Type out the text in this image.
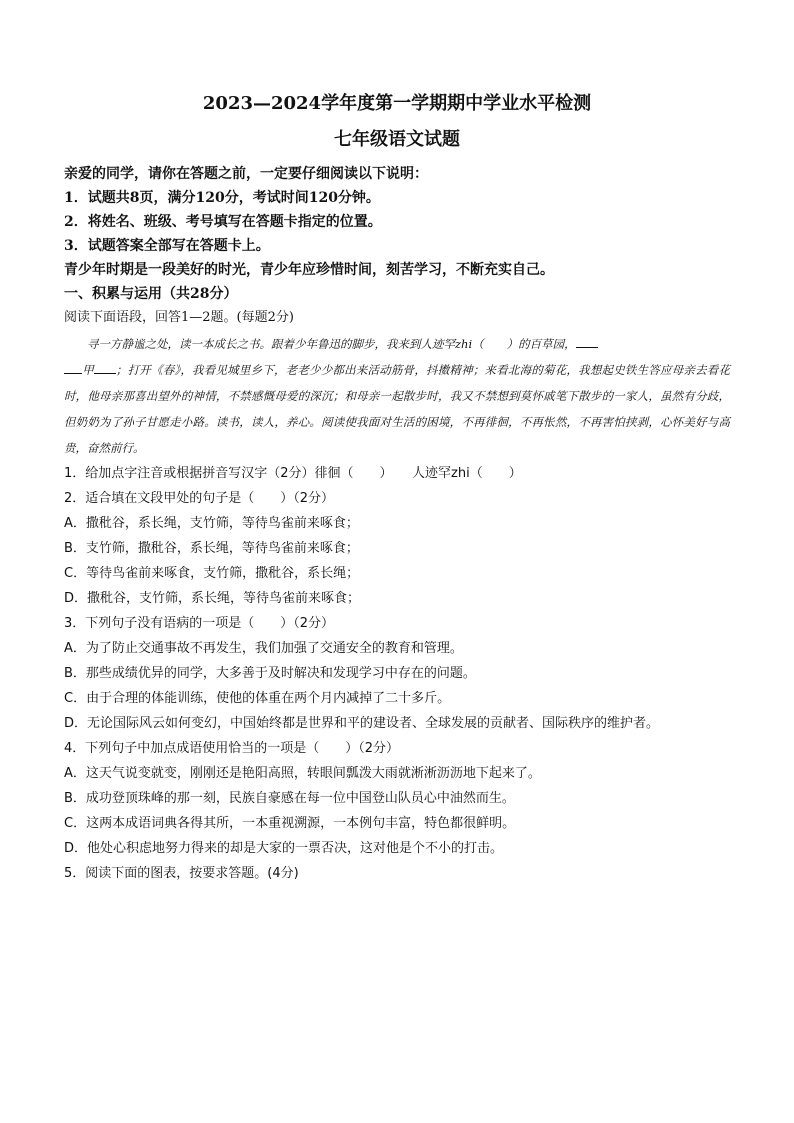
2023—2024学年度第一学期期中学业水平检测

七年级语文试题

亲爱的同学，请你在答题之前，一定要仔细阅读以下说明：

1．试题共8页，满分120分，考试时间120分钟。

2．将姓名、班级、考号填写在答题卡指定的位置。

3．试题答案全部写在答题卡上。

青少年时期是一段美好的时光，青少年应珍惜时间，刻苦学习，不断充实自己。

一、积累与运用（共28分）

阅读下面语段，回答1—2题。(每题2分)

寻一方静谧之处，读一本成长之书。跟着少年鲁迅的脚步，我来到人迹罕zhi（　　）的百草园，
甲 ；打开《春》，我看见城里乡下，老老少少都出来活动筋骨，抖擞精神；来看北海的菊花，我想起史铁生答应母亲去看花时，他母亲那喜出望外的神情，不禁感慨母爱的深沉；和母亲一起散步时，我又不禁想到莫怀戚笔下散步的一家人，虽然有分歧，但奶奶为了孙子甘愿走小路。读书，读人，养心。阅读使我面对生活的困境，不再徘徊，不再怅然，不再害怕挟剥，心怀美好与高贵，奋然前行。

1．给加点字注音或根据拼音写汉字（2分）徘徊（　　）　　人迹罕zhi（　　）

2．适合填在文段甲处的句子是（　　）（2分）

A．撒秕谷，系长绳，支竹筛，等待鸟雀前来啄食；

B．支竹筛，撒秕谷，系长绳，等待鸟雀前来啄食；

C．等待鸟雀前来啄食，支竹筛，撒秕谷，系长绳；

D．撒秕谷，支竹筛，系长绳，等待鸟雀前来啄食；

3．下列句子没有语病的一项是（　　）（2分）

A．为了防止交通事故不再发生，我们加强了交通安全的教育和管理。

B．那些成绩优异的同学，大多善于及时解决和发现学习中存在的问题。

C．由于合理的体能训练，使他的体重在两个月内减掉了二十多斤。

D．无论国际风云如何变幻，中国始终都是世界和平的建设者、全球发展的贡献者、国际秩序的维护者。

4．下列句子中加点成语使用恰当的一项是（　　）（2分）

A．这天气说变就变，刚刚还是艳阳高照，转眼间瓢泼大雨就淅淅沥沥地下起来了。

B．成功登顶珠峰的那一刻，民族自豪感在每一位中国登山队员心中油然而生。

C．这两本成语词典各得其所，一本重视溯源，一本例句丰富，特色都很鲜明。

D．他处心积虑地努力得来的却是大家的一票否决，这对他是个不小的打击。

5．阅读下面的图表，按要求答题。(4分)
